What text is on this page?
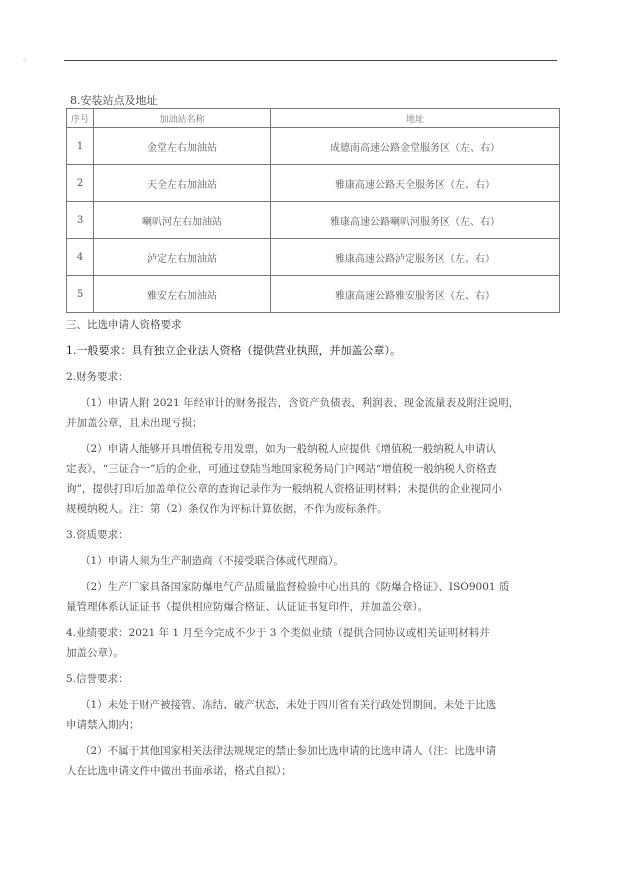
◦
8.安装站点及地址
序号	加油站名称	地址
1	金堂左右加油站	成德南高速公路金堂服务区（左、右）
2	天全左右加油站	雅康高速公路天全服务区（左、右）
3	喇叭河左右加油站	雅康高速公路喇叭河服务区（左、右）
4	泸定左右加油站	雅康高速公路泸定服务区（左、右）
5	雅安左右加油站	雅康高速公路雅安服务区（左、右）

三、比选申请人资格要求

1.一般要求：具有独立企业法人资格（提供营业执照，并加盖公章）。

2.财务要求：

（1）申请人附 2021 年经审计的财务报告，含资产负债表、利润表、现金流量表及附注说明，

并加盖公章，且未出现亏损；

（2）申请人能够开具增值税专用发票，如为一般纳税人应提供《增值税一般纳税人申请认

定表》，“三证合一”后的企业，可通过登陆当地国家税务局门户网站“增值税一般纳税人资格查

询”，提供打印后加盖单位公章的查询记录作为一般纳税人资格证明材料；未提供的企业视同小

规模纳税人。注：第（2）条仅作为评标计算依据，不作为废标条件。

3.资质要求：

（1）申请人须为生产制造商（不接受联合体或代理商）。

（2）生产厂家具备国家防爆电气产品质量监督检验中心出具的《防爆合格证》、ISO9001 质

量管理体系认证证书（提供相应防爆合格证、认证证书复印件，并加盖公章）。

4.业绩要求：2021 年 1 月至今完成不少于 3 个类似业绩（提供合同协议或相关证明材料并

加盖公章）。

5.信誉要求：

（1）未处于财产被接管、冻结、破产状态，未处于四川省有关行政处罚期间，未处于比选

申请禁入期内；

（2）不属于其他国家相关法律法规规定的禁止参加比选申请的比选申请人（注：比选申请

人在比选申请文件中做出书面承诺，格式自拟）；
